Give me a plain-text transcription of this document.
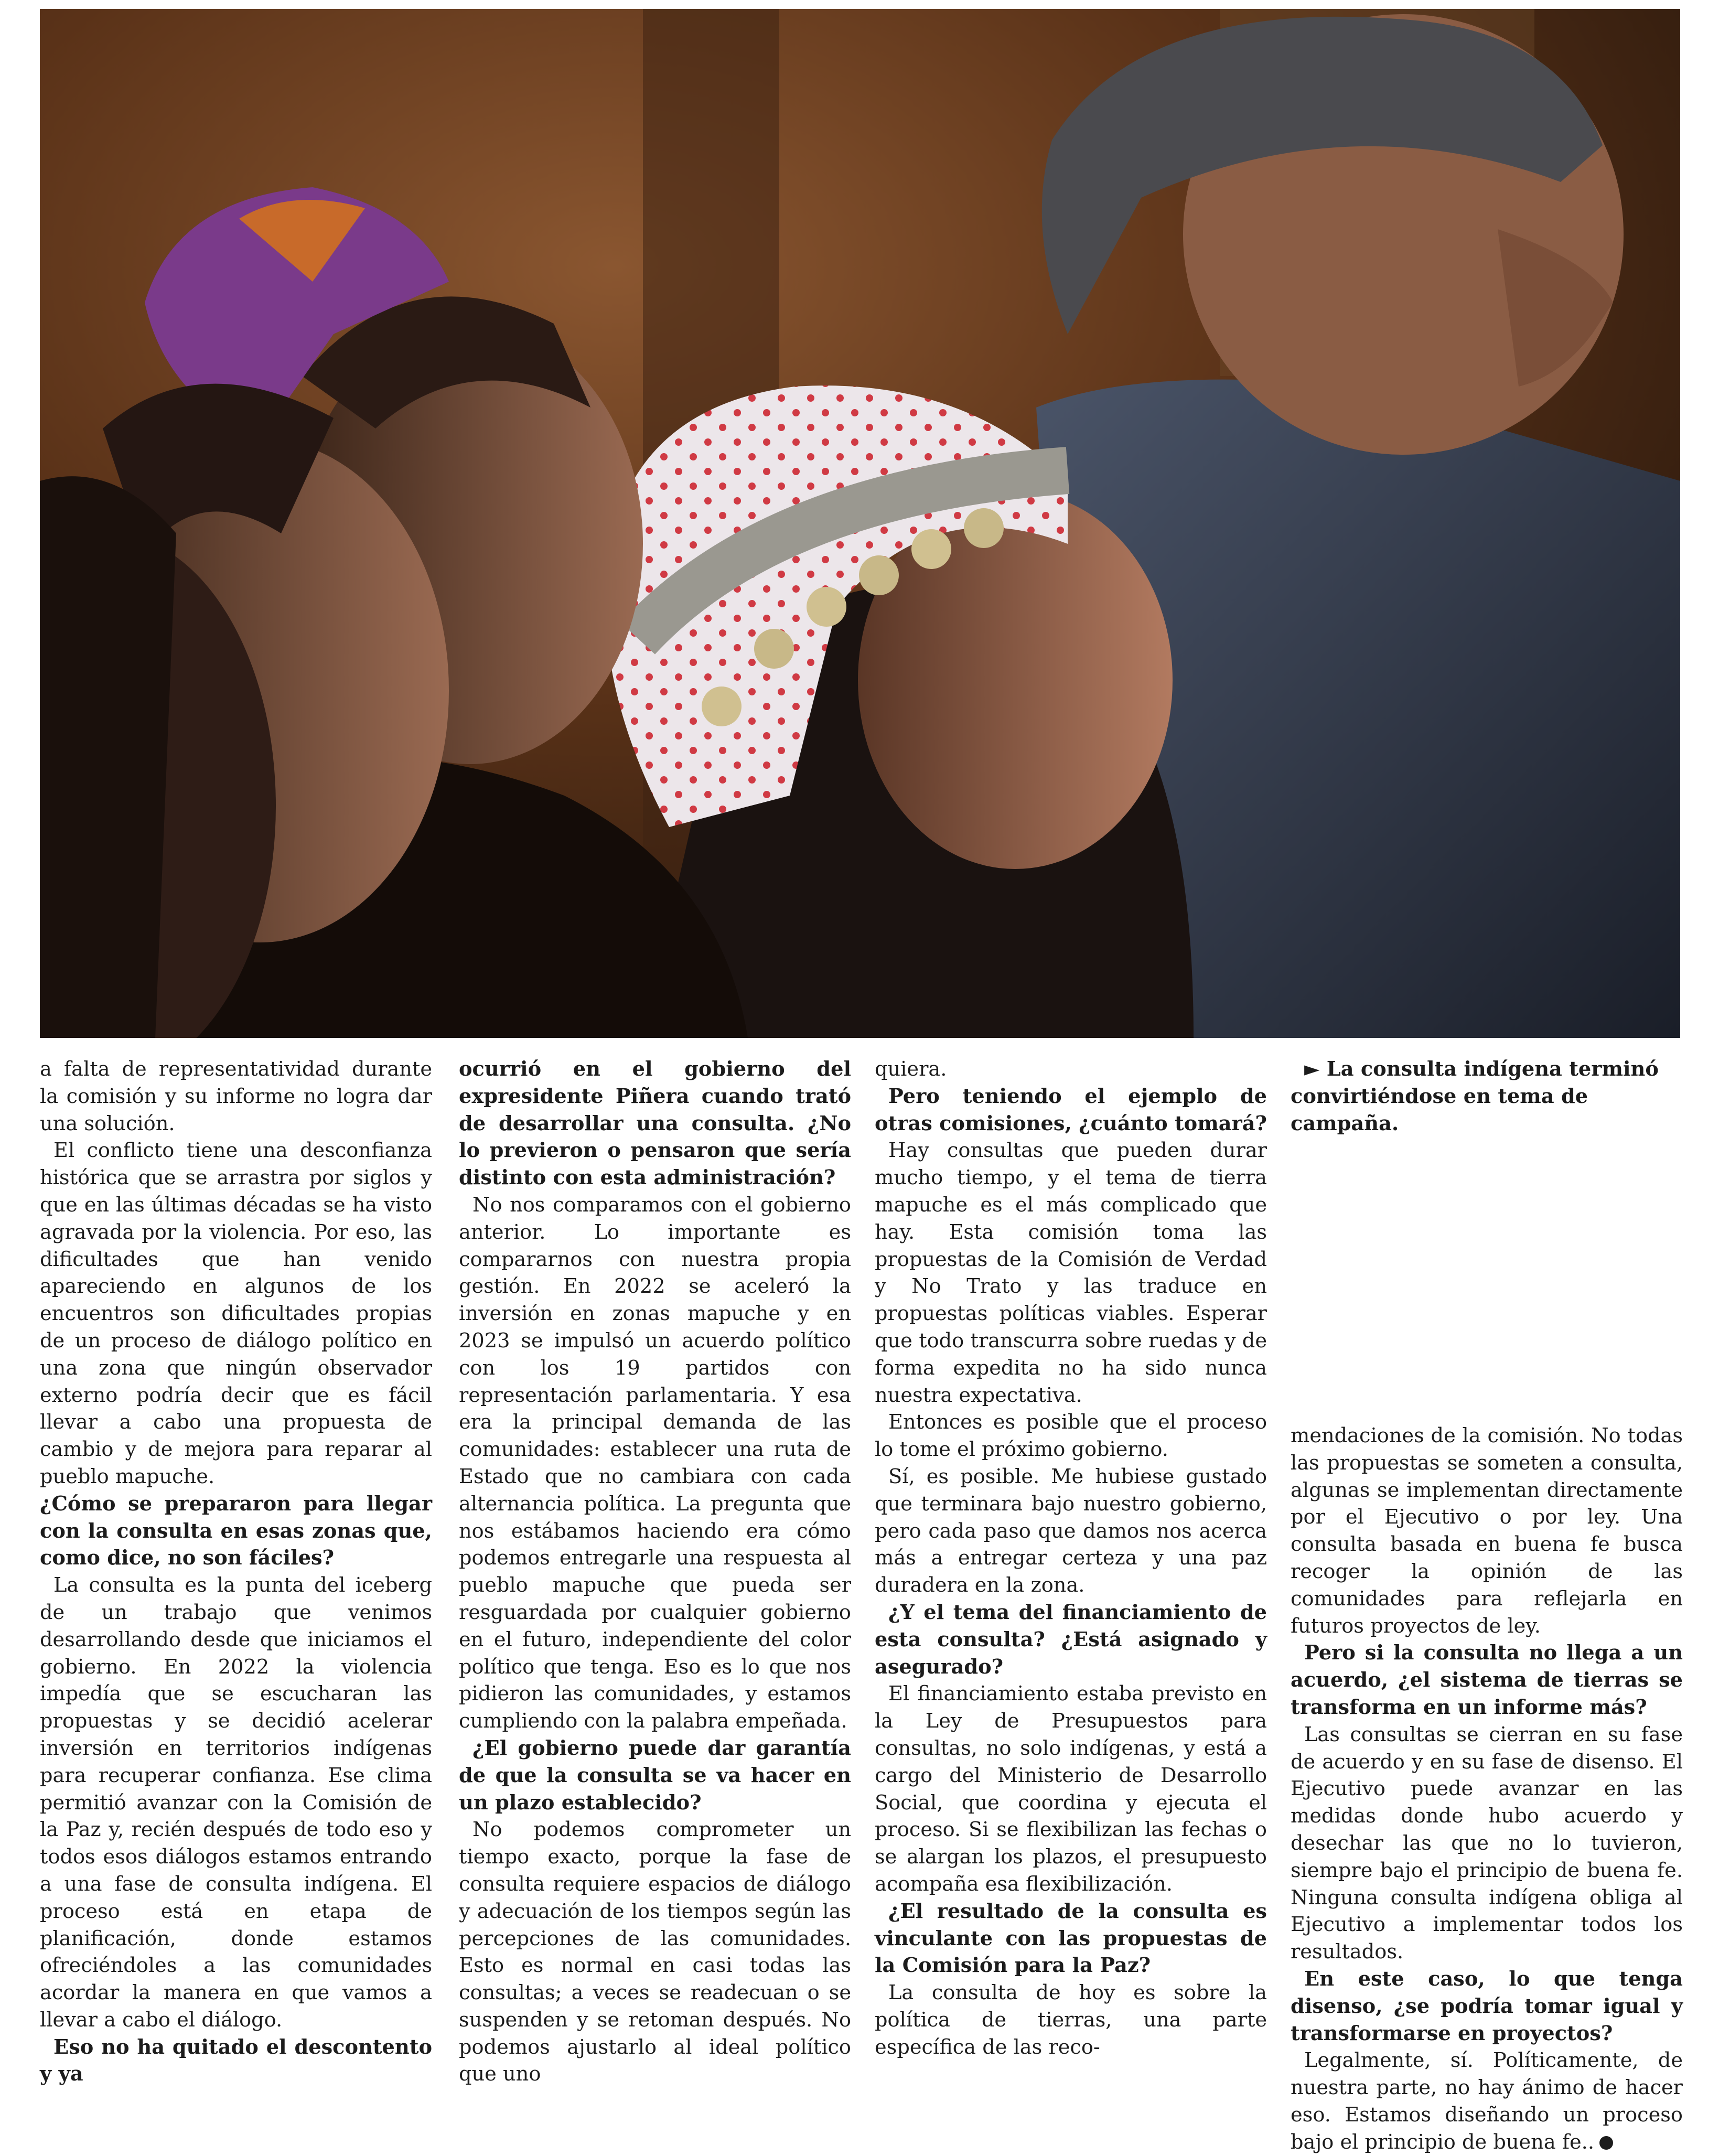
a falta de representatividad durante la comisión y su informe no logra dar una solución.

El conflicto tiene una desconfianza histórica que se arrastra por siglos y que en las últimas décadas se ha visto agravada por la violencia. Por eso, las dificultades que han venido apareciendo en algunos de los encuentros son dificultades propias de un proceso de diálogo político en una zona que ningún observador externo podría decir que es fácil llevar a cabo una propuesta de cambio y de mejora para reparar al pueblo mapuche.

¿Cómo se prepararon para llegar con la consulta en esas zonas que, como dice, no son fáciles?

La consulta es la punta del iceberg de un trabajo que venimos desarrollando desde que iniciamos el gobierno. En 2022 la violencia impedía que se escucharan las propuestas y se decidió acelerar inversión en territorios indígenas para recuperar confianza. Ese clima permitió avanzar con la Comisión de la Paz y, recién después de todo eso y todos esos diálogos estamos entrando a una fase de consulta indígena. El proceso está en etapa de planificación, donde estamos ofreciéndoles a las comunidades acordar la manera en que vamos a llevar a cabo el diálogo.

Eso no ha quitado el descontento y ya

ocurrió en el gobierno del expresidente Piñera cuando trató de desarrollar una consulta. ¿No lo previeron o pensaron que sería distinto con esta administración?

No nos comparamos con el gobierno anterior. Lo importante es compararnos con nuestra propia gestión. En 2022 se aceleró la inversión en zonas mapuche y en 2023 se impulsó un acuerdo político con los 19 partidos con representación parlamentaria. Y esa era la principal demanda de las comunidades: establecer una ruta de Estado que no cambiara con cada alternancia política. La pregunta que nos estábamos haciendo era cómo podemos entregarle una respuesta al pueblo mapuche que pueda ser resguardada por cualquier gobierno en el futuro, independiente del color político que tenga. Eso es lo que nos pidieron las comunidades, y estamos cumpliendo con la palabra empeñada.

¿El gobierno puede dar garantía de que la consulta se va hacer en un plazo establecido?

No podemos comprometer un tiempo exacto, porque la fase de consulta requiere espacios de diálogo y adecuación de los tiempos según las percepciones de las comunidades. Esto es normal en casi todas las consultas; a veces se readecuan o se suspenden y se retoman después. No podemos ajustarlo al ideal político que uno

quiera.

Pero teniendo el ejemplo de otras comisiones, ¿cuánto tomará?

Hay consultas que pueden durar mucho tiempo, y el tema de tierra mapuche es el más complicado que hay. Esta comisión toma las propuestas de la Comisión de Verdad y No Trato y las traduce en propuestas políticas viables. Esperar que todo transcurra sobre ruedas y de forma expedita no ha sido nunca nuestra expectativa.

Entonces es posible que el proceso lo tome el próximo gobierno.

Sí, es posible. Me hubiese gustado que terminara bajo nuestro gobierno, pero cada paso que damos nos acerca más a entregar certeza y una paz duradera en la zona.

¿Y el tema del financiamiento de esta consulta? ¿Está asignado y asegurado?

El financiamiento estaba previsto en la Ley de Presupuestos para consultas, no solo indígenas, y está a cargo del Ministerio de Desarrollo Social, que coordina y ejecuta el proceso. Si se flexibilizan las fechas o se alargan los plazos, el presupuesto acompaña esa flexibilización.

¿El resultado de la consulta es vinculante con las propuestas de la Comisión para la Paz?

La consulta de hoy es sobre la política de tierras, una parte específica de las reco-

► La consulta indígena terminó convirtiéndose en tema de campaña.

mendaciones de la comisión. No todas las propuestas se someten a consulta, algunas se implementan directamente por el Ejecutivo o por ley. Una consulta basada en buena fe busca recoger la opinión de las comunidades para reflejarla en futuros proyectos de ley.

Pero si la consulta no llega a un acuerdo, ¿el sistema de tierras se transforma en un informe más?

Las consultas se cierran en su fase de acuerdo y en su fase de disenso. El Ejecutivo puede avanzar en las medidas donde hubo acuerdo y desechar las que no lo tuvieron, siempre bajo el principio de buena fe. Ninguna consulta indígena obliga al Ejecutivo a implementar todos los resultados.

En este caso, lo que tenga disenso, ¿se podría tomar igual y transformarse en proyectos?

Legalmente, sí. Políticamente, de nuestra parte, no hay ánimo de hacer eso. Estamos diseñando un proceso bajo el principio de buena fe..
